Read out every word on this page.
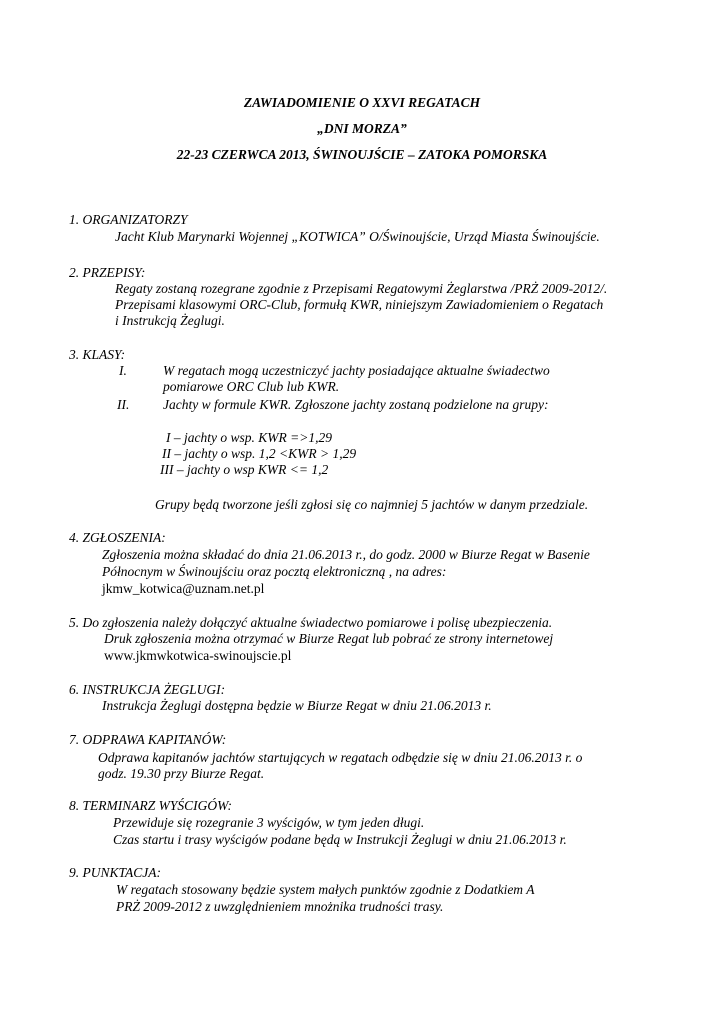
ZAWIADOMIENIE O XXVI REGATACH
„DNI MORZA”
22-23 CZERWCA 2013, ŚWINOUJŚCIE – ZATOKA POMORSKA
1. ORGANIZATORZY
Jacht Klub Marynarki Wojennej „KOTWICA” O/Świnoujście, Urząd Miasta Świnoujście.
2. PRZEPISY:
Regaty zostaną rozegrane zgodnie z Przepisami Regatowymi Żeglarstwa /PRŻ 2009-2012/.
Przepisami klasowymi ORC-Club, formułą KWR, niniejszym Zawiadomieniem o Regatach
i Instrukcją Żeglugi.
3. KLASY:
I.	W regatach mogą uczestniczyć jachty posiadające aktualne świadectwo
pomiarowe ORC Club lub KWR.
II. Jachty w formule KWR. Zgłoszone jachty zostaną podzielone na grupy:
I – jachty o wsp. KWR =>1,29
II – jachty o wsp. 1,2 <KWR > 1,29
III – jachty o wsp KWR <= 1,2
Grupy będą tworzone jeśli zgłosi się co najmniej 5 jachtów w danym przedziale.
4. ZGŁOSZENIA:
Zgłoszenia można składać do dnia 21.06.2013 r., do godz. 2000 w Biurze Regat w Basenie
Północnym w Świnoujściu oraz pocztą elektroniczną , na adres:
jkmw_kotwica@uznam.net.pl
5. Do zgłoszenia należy dołączyć aktualne świadectwo pomiarowe i polisę ubezpieczenia.
Druk zgłoszenia można otrzymać w Biurze Regat lub pobrać ze strony internetowej
www.jkmwkotwica-swinoujscie.pl
6. INSTRUKCJA ŻEGLUGI:
Instrukcja Żeglugi dostępna będzie w Biurze Regat w dniu 21.06.2013 r.
7. ODPRAWA KAPITANÓW:
Odprawa kapitanów jachtów startujących w regatach odbędzie się w dniu 21.06.2013 r. o
godz. 19.30 przy Biurze Regat.
8. TERMINARZ WYŚCIGÓW:
Przewiduje się rozegranie 3 wyścigów, w tym jeden długi.
Czas startu i trasy wyścigów podane będą w Instrukcji Żeglugi w dniu 21.06.2013 r.
9. PUNKTACJA:
W regatach stosowany będzie system małych punktów zgodnie z Dodatkiem A
PRŻ 2009-2012 z uwzględnieniem mnożnika trudności trasy.
